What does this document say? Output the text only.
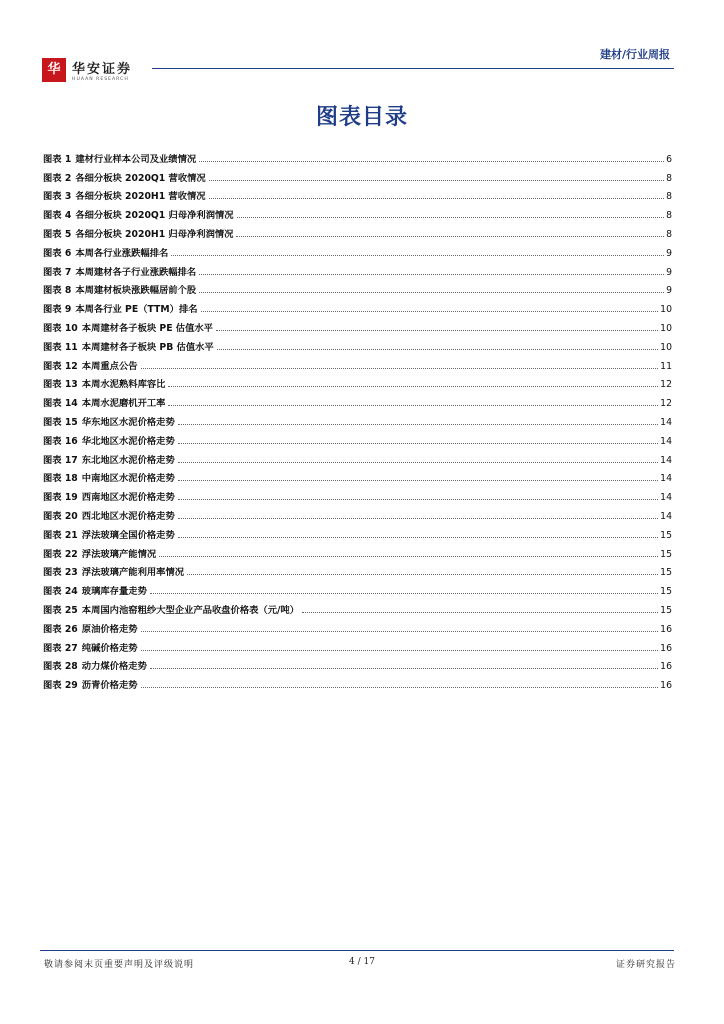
华 华安证券
HUAAN RESEARCH
建材/行业周报
图表目录
图表 1 建材行业样本公司及业绩情况	6
图表 2 各细分板块 2020Q1 营收情况	8
图表 3 各细分板块 2020H1 营收情况	8
图表 4 各细分板块 2020Q1 归母净利润情况	8
图表 5 各细分板块 2020H1 归母净利润情况	8
图表 6 本周各行业涨跌幅排名	9
图表 7 本周建材各子行业涨跌幅排名	9
图表 8 本周建材板块涨跌幅居前个股	9
图表 9 本周各行业 PE（TTM）排名	10
图表 10 本周建材各子板块 PE 估值水平	10
图表 11 本周建材各子板块 PB 估值水平	10
图表 12 本周重点公告	11
图表 13 本周水泥熟料库容比	12
图表 14 本周水泥磨机开工率	12
图表 15 华东地区水泥价格走势	14
图表 16 华北地区水泥价格走势	14
图表 17 东北地区水泥价格走势	14
图表 18 中南地区水泥价格走势	14
图表 19 西南地区水泥价格走势	14
图表 20 西北地区水泥价格走势	14
图表 21 浮法玻璃全国价格走势	15
图表 22 浮法玻璃产能情况	15
图表 23 浮法玻璃产能利用率情况	15
图表 24 玻璃库存量走势	15
图表 25 本周国内池窑粗纱大型企业产品收盘价格表（元/吨）	15
图表 26 原油价格走势	16
图表 27 纯碱价格走势	16
图表 28 动力煤价格走势	16
图表 29 沥青价格走势	16
敬请参阅末页重要声明及评级说明	4 / 17	证券研究报告
